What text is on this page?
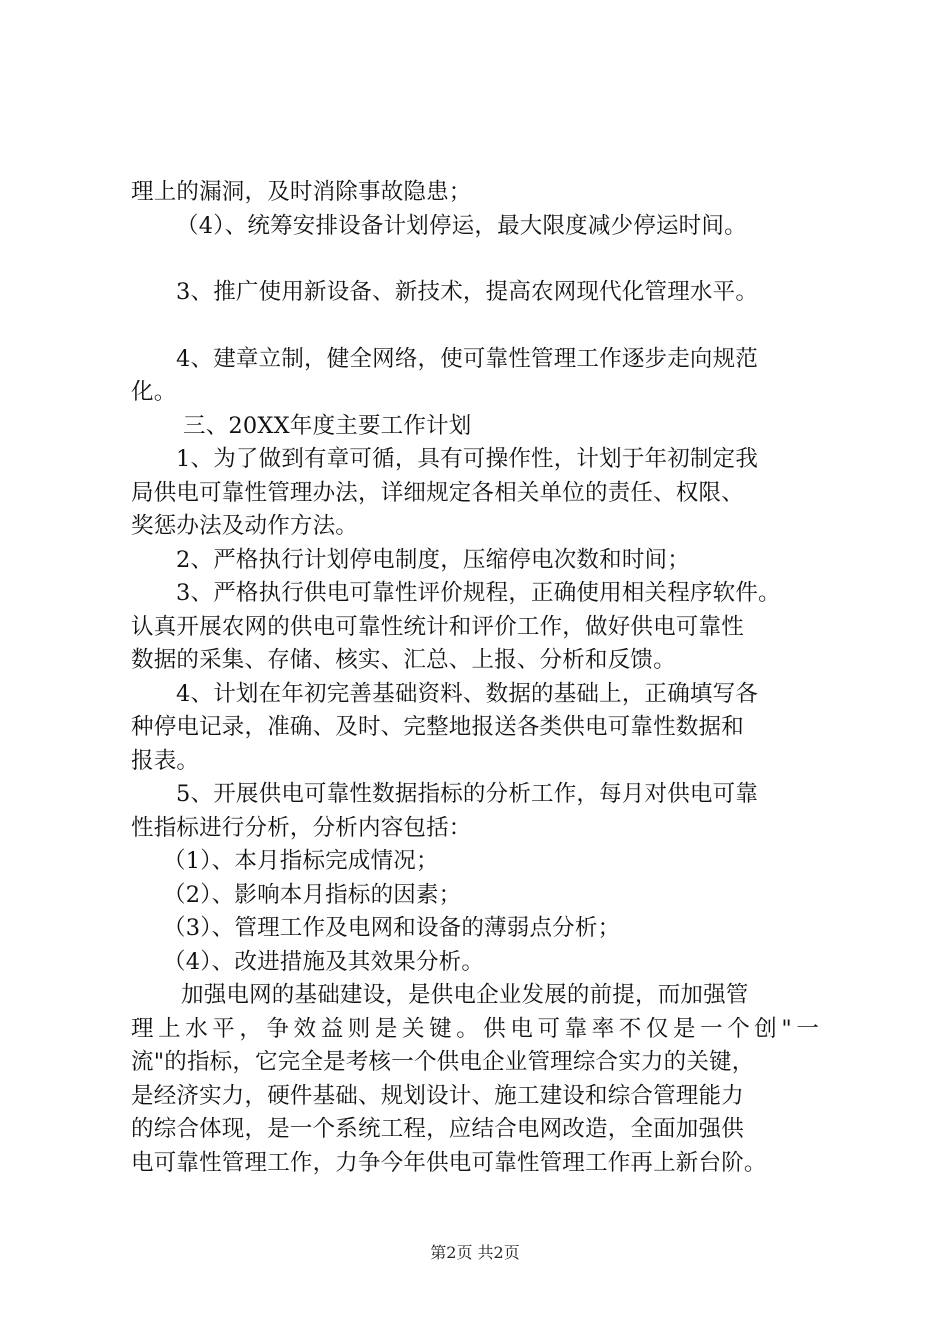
理上的漏洞，及时消除事故隐患；
（4）、统筹安排设备计划停运，最大限度减少停运时间。
3、推广使用新设备、新技术，提高农网现代化管理水平。
4、建章立制，健全网络，使可靠性管理工作逐步走向规范
化。
三、20XX年度主要工作计划
1、为了做到有章可循，具有可操作性，计划于年初制定我
局供电可靠性管理办法，详细规定各相关单位的责任、权限、
奖惩办法及动作方法。
2、严格执行计划停电制度，压缩停电次数和时间；
3、严格执行供电可靠性评价规程，正确使用相关程序软件。
认真开展农网的供电可靠性统计和评价工作，做好供电可靠性
数据的采集、存储、核实、汇总、上报、分析和反馈。
4、计划在年初完善基础资料、数据的基础上，正确填写各
种停电记录，准确、及时、完整地报送各类供电可靠性数据和
报表。
5、开展供电可靠性数据指标的分析工作，每月对供电可靠
性指标进行分析，分析内容包括：
（1）、本月指标完成情况；
（2）、影响本月指标的因素；
（3）、管理工作及电网和设备的薄弱点分析；
（4）、改进措施及其效果分析。
加强电网的基础建设，是供电企业发展的前提，而加强管
理上水平，争效益则是关键。供电可靠率不仅是一个创"一
流"的指标，它完全是考核一个供电企业管理综合实力的关键，
是经济实力，硬件基础、规划设计、施工建设和综合管理能力
的综合体现，是一个系统工程，应结合电网改造，全面加强供
电可靠性管理工作，力争今年供电可靠性管理工作再上新台阶。
第2页 共2页
